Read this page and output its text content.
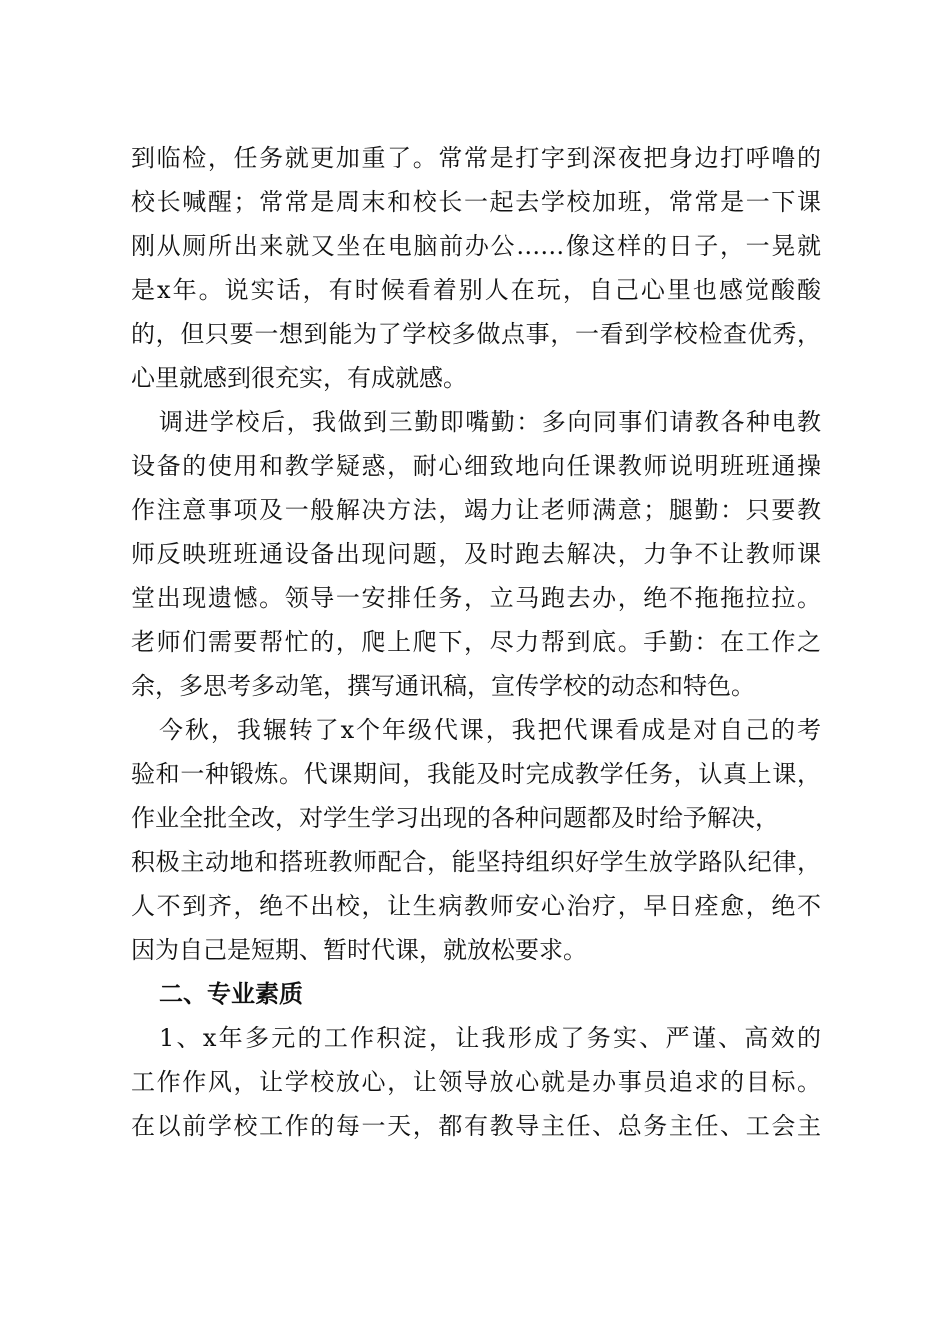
到临检，任务就更加重了。常常是打字到深夜把身边打呼噜的
校长喊醒；常常是周末和校长一起去学校加班，常常是一下课
刚从厕所出来就又坐在电脑前办公……像这样的日子，一晃就
是x年。说实话，有时候看着别人在玩，自己心里也感觉酸酸
的，但只要一想到能为了学校多做点事，一看到学校检查优秀，
心里就感到很充实，有成就感。
调进学校后，我做到三勤即嘴勤：多向同事们请教各种电教
设备的使用和教学疑惑，耐心细致地向任课教师说明班班通操
作注意事项及一般解决方法，竭力让老师满意；腿勤：只要教
师反映班班通设备出现问题，及时跑去解决，力争不让教师课
堂出现遗憾。领导一安排任务，立马跑去办，绝不拖拖拉拉。
老师们需要帮忙的，爬上爬下，尽力帮到底。手勤：在工作之
余，多思考多动笔，撰写通讯稿，宣传学校的动态和特色。
今秋，我辗转了x个年级代课，我把代课看成是对自己的考
验和一种锻炼。代课期间，我能及时完成教学任务，认真上课，
作业全批全改，对学生学习出现的各种问题都及时给予解决，
积极主动地和搭班教师配合，能坚持组织好学生放学路队纪律，
人不到齐，绝不出校，让生病教师安心治疗，早日痊愈，绝不
因为自己是短期、暂时代课，就放松要求。
二、专业素质
1、x年多元的工作积淀，让我形成了务实、严谨、高效的
工作作风，让学校放心，让领导放心就是办事员追求的目标。
在以前学校工作的每一天，都有教导主任、总务主任、工会主
